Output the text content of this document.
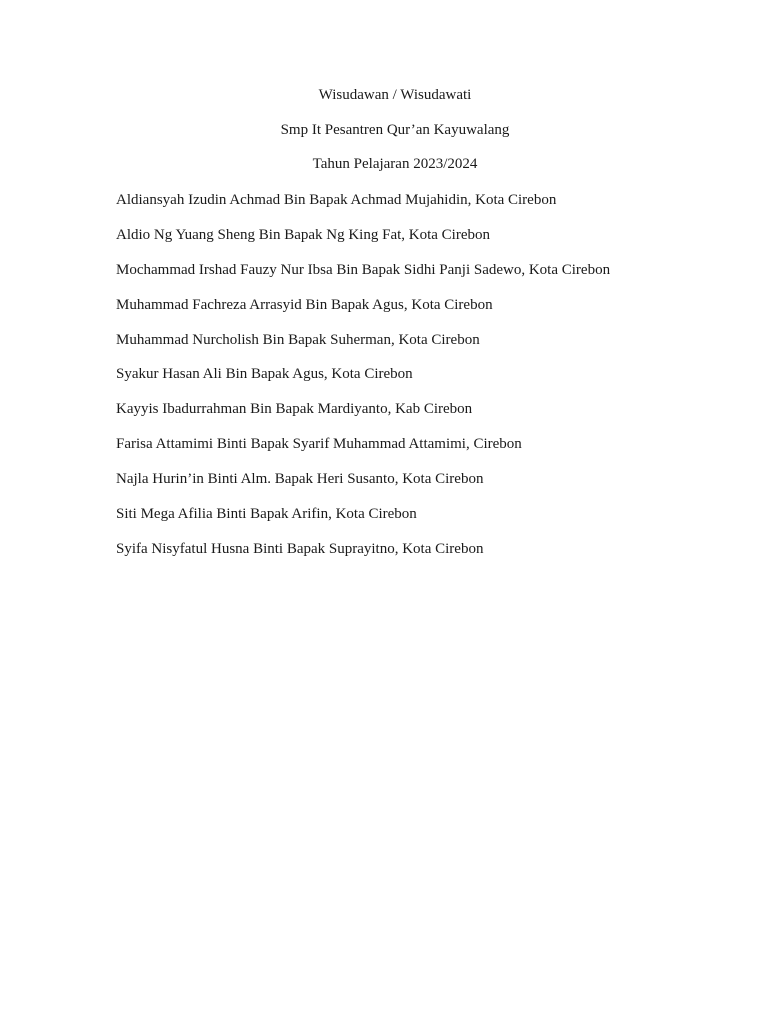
Wisudawan / Wisudawati
Smp It Pesantren Qur’an Kayuwalang
Tahun Pelajaran 2023/2024
Aldiansyah Izudin Achmad Bin Bapak Achmad Mujahidin, Kota Cirebon
Aldio Ng Yuang Sheng Bin Bapak Ng King Fat, Kota Cirebon
Mochammad Irshad Fauzy Nur Ibsa Bin Bapak Sidhi Panji Sadewo, Kota Cirebon
Muhammad Fachreza Arrasyid Bin Bapak Agus, Kota Cirebon
Muhammad Nurcholish Bin Bapak Suherman, Kota Cirebon
Syakur Hasan Ali Bin Bapak Agus, Kota Cirebon
Kayyis Ibadurrahman Bin Bapak Mardiyanto, Kab Cirebon
Farisa Attamimi Binti Bapak Syarif Muhammad Attamimi, Cirebon
Najla Hurin’in Binti Alm. Bapak Heri Susanto, Kota Cirebon
Siti Mega Afilia Binti Bapak Arifin, Kota Cirebon
Syifa Nisyfatul Husna Binti Bapak Suprayitno, Kota Cirebon
